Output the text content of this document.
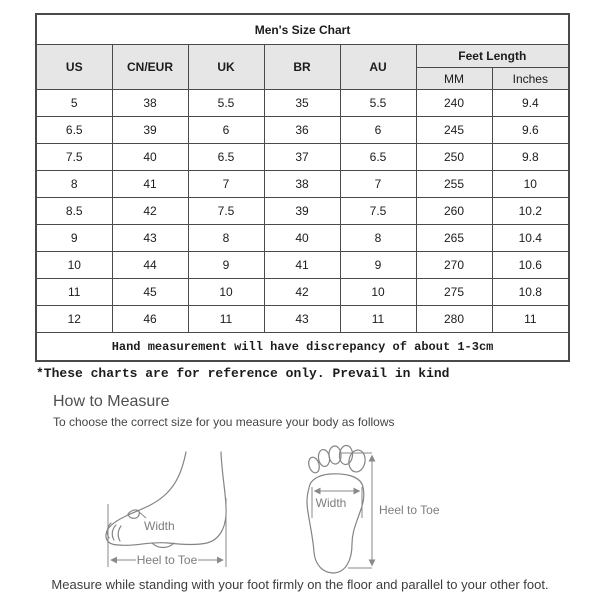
Men's Size Chart						
US	CN/EUR	UK	BR	AU	Feet Length	
					MM	Inches
5	38	5.5	35	5.5	240	9.4
6.5	39	6	36	6	245	9.6
7.5	40	6.5	37	6.5	250	9.8
8	41	7	38	7	255	10
8.5	42	7.5	39	7.5	260	10.2
9	43	8	40	8	265	10.4
10	44	9	41	9	270	10.6
11	45	10	42	10	275	10.8
12	46	11	43	11	280	11
Hand measurement will have discrepancy of about 1-3cm						
*These charts are for reference only. Prevail in kind
How to Measure
To choose the correct size for you measure your body as follows
Width
Heel to Toe
Width	Heel to Toe
Measure while standing with your foot firmly on the floor and parallel to your other foot.
